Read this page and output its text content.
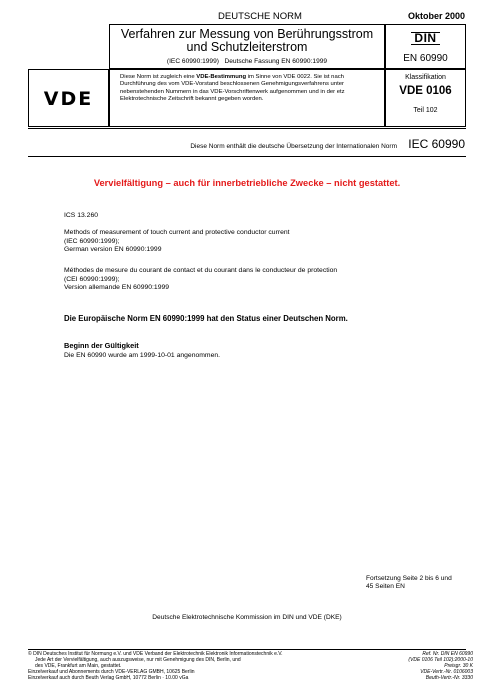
DEUTSCHE NORM	Oktober 2000
Verfahren zur Messung von Berührungsstrom
und Schutzleiterstrom
(IEC 60990:1999)   Deutsche Fassung EN 60990:1999
DIN
EN 60990
VDE
Diese Norm ist zugleich eine VDE-Bestimmung im Sinne von VDE 0022. Sie ist nach Durchführung des vom VDE-Vorstand beschlossenen Genehmigungsverfahrens unter nebenstehenden Nummern in das VDE-Vorschriftenwerk aufgenommen und in der etz Elektrotechnische Zeitschrift bekannt gegeben worden.
Klassifikation
VDE 0106
Teil 102
Diese Norm enthält die deutsche Übersetzung der Internationalen Norm IEC 60990
Vervielfältigung – auch für innerbetriebliche Zwecke – nicht gestattet.
ICS 13.260
Methods of measurement of touch current and protective conductor current
(IEC 60990:1999);
German version EN 60990:1999
Méthodes de mesure du courant de contact et du courant dans le conducteur de protection
(CEI 60990:1999);
Version allemande EN 60990:1999
Die Europäische Norm EN 60990:1999 hat den Status einer Deutschen Norm.
Beginn der Gültigkeit
Die EN 60990 wurde am 1999-10-01 angenommen.
Fortsetzung Seite 2 bis 6 und
45 Seiten EN
Deutsche Elektrotechnische Kommission im DIN und VDE (DKE)
© DIN Deutsches Institut für Normung e.V. und VDE Verband der Elektrotechnik Elektronik Informationstechnik e.V.
Jede Art der Vervielfältigung, auch auszugsweise, nur mit Genehmigung des DIN, Berlin, und
des VDE, Frankfurt am Main, gestattet.
Einzelverkauf und Abonnements durch VDE-VERLAG GMBH, 10625 Berlin
Einzelverkauf auch durch Beuth Verlag GmbH, 10772 Berlin · 10.00 vGa
Ref. Nr. DIN EN 60990
(VDE 0106 Teil 102):2000-10
Preisgr. 30 K
VDE-Vertr.-Nr. 0106003
Beuth-Vertr.-Nr. 3330
